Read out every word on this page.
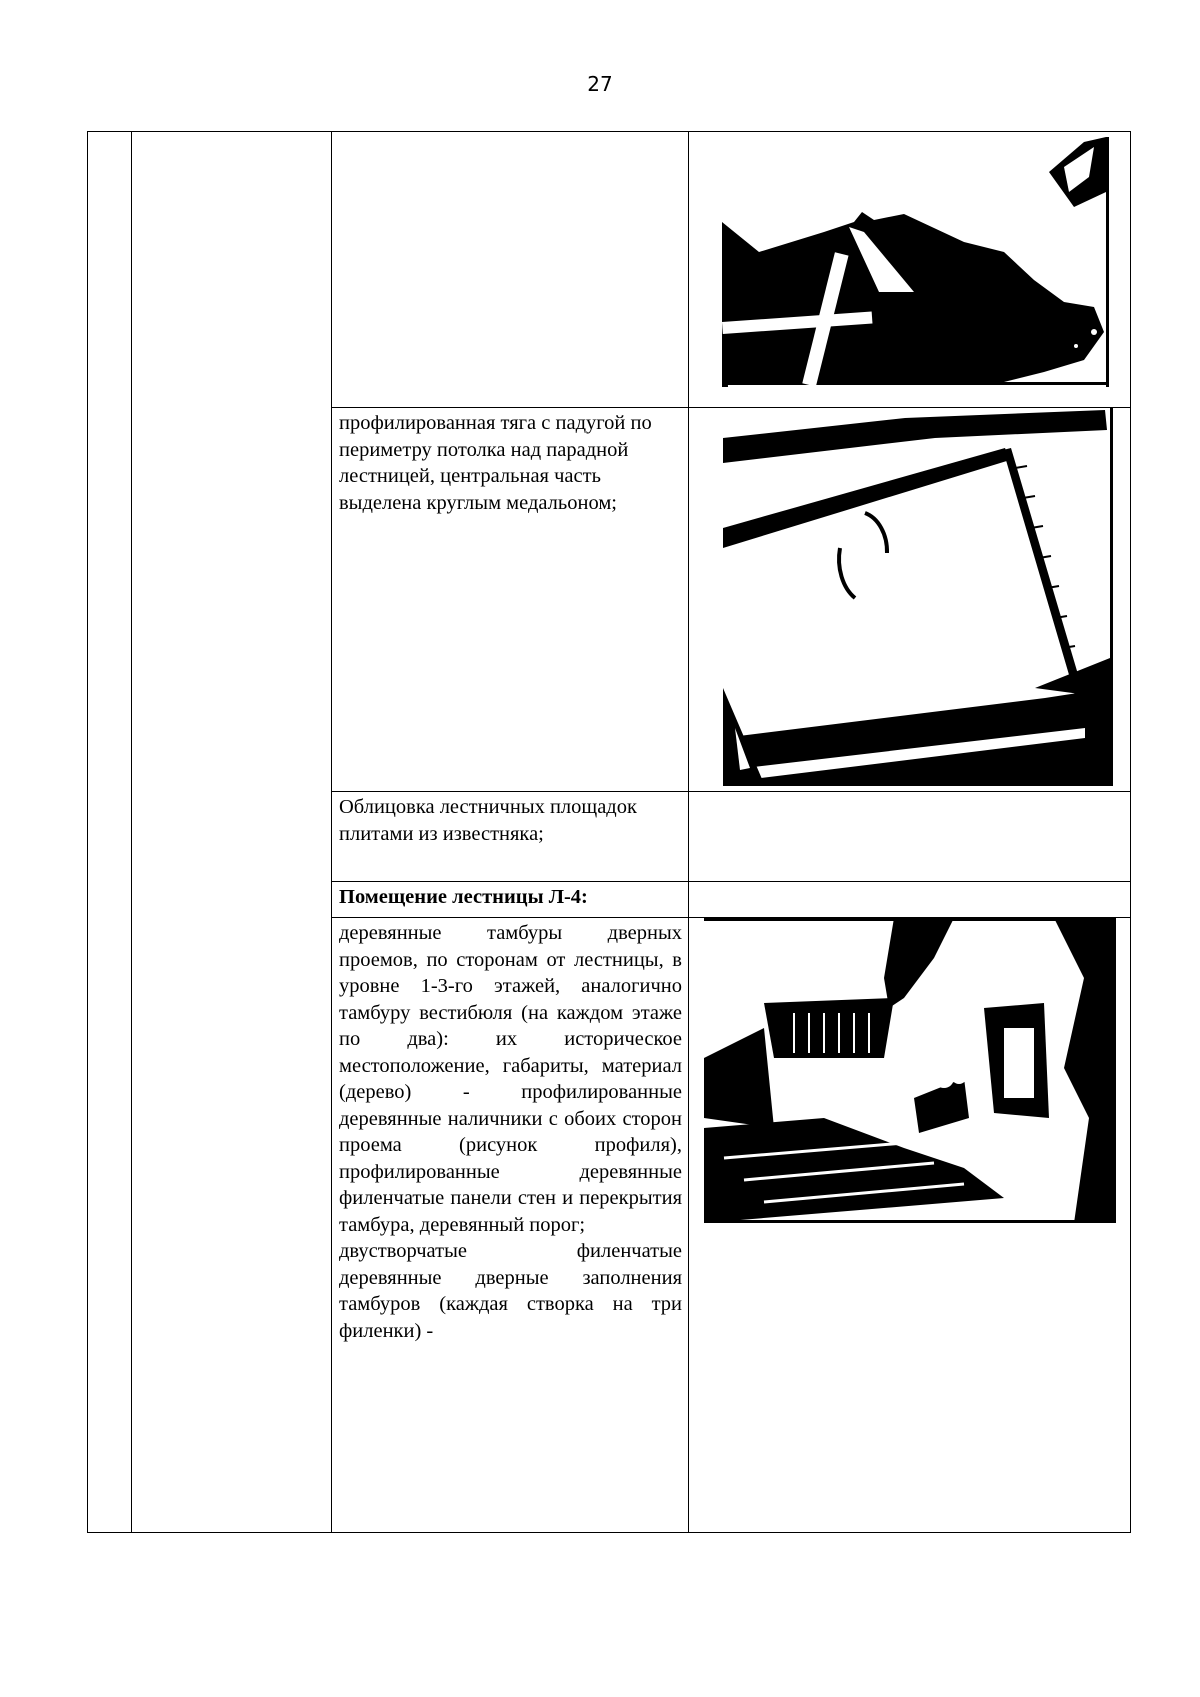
27

		профилированная тяга с падугой по периметру потолка над парадной лестницей, центральная часть выделена круглым медальоном;

		Облицовка лестничных площадок плитами из известняка;	

		Помещение лестницы Л-4:	

		деревянные тамбуры дверных проемов, по сторонам от лестницы, в уровне 1-3-го этажей, аналогично тамбуру вестибюля (на каждом этаже по два): их историческое местоположение, габариты, материал (дерево) - профилированные деревянные наличники с обоих сторон проема (рисунок профиля), профилированные деревянные филенчатые панели стен и перекрытия тамбура, деревянный порог;
двустворчатые филенчатые деревянные дверные заполнения тамбуров (каждая створка на три филенки) -
